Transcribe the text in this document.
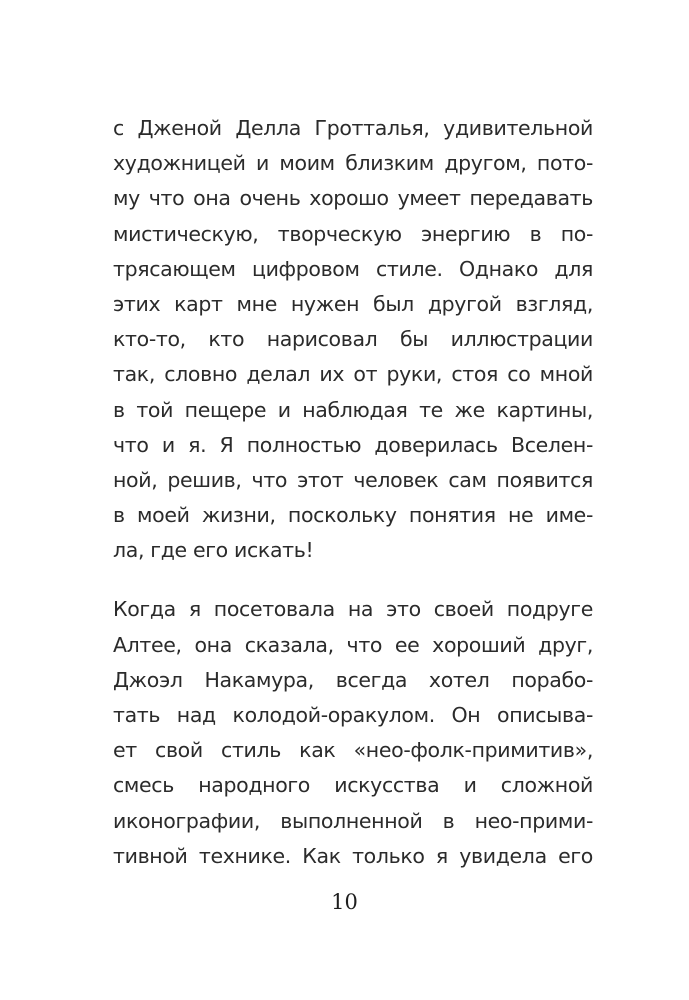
с Дженой Делла Гротталья, удивительной
художницей и моим близким другом, пото-
му что она очень хорошо умеет передавать
мистическую, творческую энергию в по-
трясающем цифровом стиле. Однако для
этих карт мне нужен был другой взгляд,
кто-то, кто нарисовал бы иллюстрации
так, словно делал их от руки, стоя со мной
в той пещере и наблюдая те же картины,
что и я. Я полностью доверилась Вселен-
ной, решив, что этот человек сам появится
в моей жизни, поскольку понятия не име-
ла, где его искать!

Когда я посетовала на это своей подруге
Алтее, она сказала, что ее хороший друг,
Джоэл Накамура, всегда хотел порабо-
тать над колодой-оракулом. Он описыва-
ет свой стиль как «нео-фолк-примитив»,
смесь народного искусства и сложной
иконографии, выполненной в нео-прими-
тивной технике. Как только я увидела его

10
